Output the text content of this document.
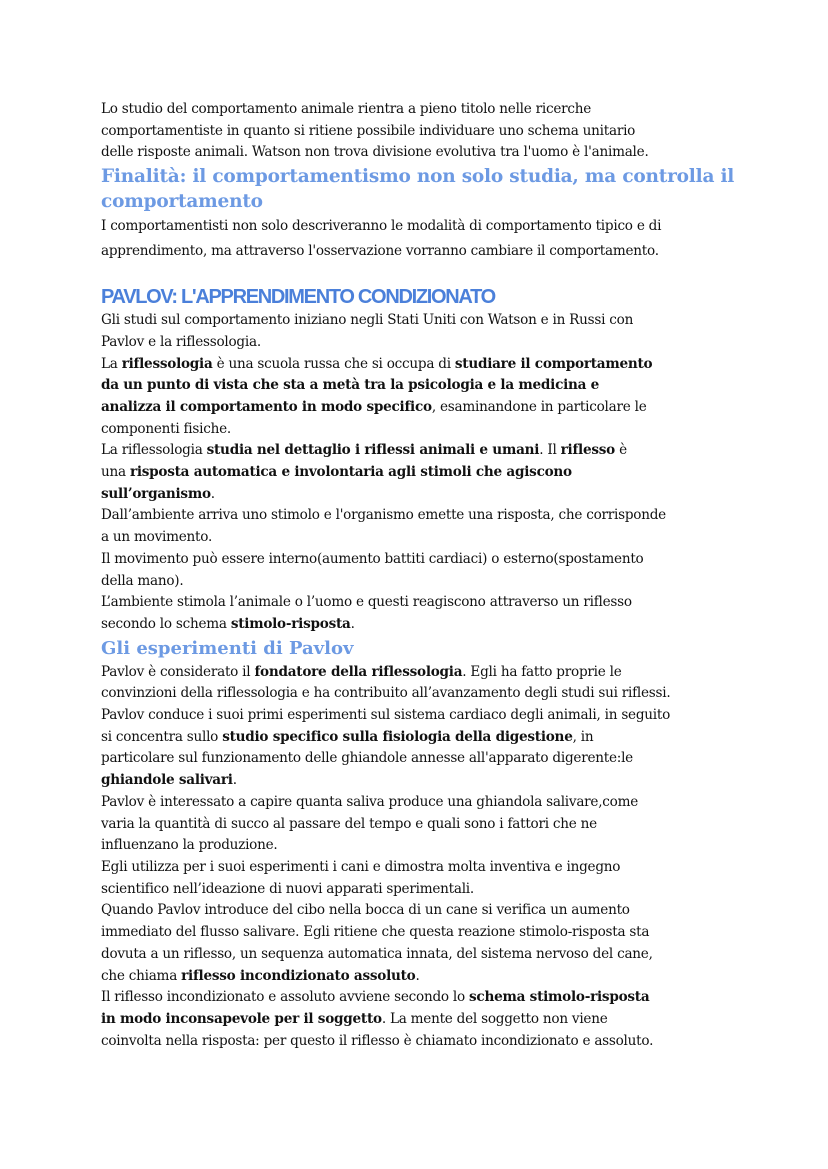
Lo studio del comportamento animale rientra a pieno titolo nelle ricerche
comportamentiste in quanto si ritiene possibile individuare uno schema unitario
delle risposte animali. Watson non trova divisione evolutiva tra l'uomo è l'animale.
Finalità: il comportamentismo non solo studia, ma controlla il
comportamento
I comportamentisti non solo descriveranno le modalità di comportamento tipico e di
apprendimento, ma attraverso l'osservazione vorranno cambiare il comportamento.
PAVLOV: L'APPRENDIMENTO CONDIZIONATO
Gli studi sul comportamento iniziano negli Stati Uniti con Watson e in Russi con
Pavlov e la riflessologia.
La riflessologia è una scuola russa che si occupa di studiare il comportamento
da un punto di vista che sta a metà tra la psicologia e la medicina e
analizza il comportamento in modo specifico, esaminandone in particolare le
componenti fisiche.
La riflessologia studia nel dettaglio i riflessi animali e umani. Il riflesso è
una risposta automatica e involontaria agli stimoli che agiscono
sull’organismo.
Dall’ambiente arriva uno stimolo e l'organismo emette una risposta, che corrisponde
a un movimento.
Il movimento può essere interno(aumento battiti cardiaci) o esterno(spostamento
della mano).
L’ambiente stimola l’animale o l’uomo e questi reagiscono attraverso un riflesso
secondo lo schema stimolo-risposta.
Gli esperimenti di Pavlov
Pavlov è considerato il fondatore della riflessologia. Egli ha fatto proprie le
convinzioni della riflessologia e ha contribuito all’avanzamento degli studi sui riflessi.
Pavlov conduce i suoi primi esperimenti sul sistema cardiaco degli animali, in seguito
si concentra sullo studio specifico sulla fisiologia della digestione, in
particolare sul funzionamento delle ghiandole annesse all'apparato digerente:le
ghiandole salivari.
Pavlov è interessato a capire quanta saliva produce una ghiandola salivare,come
varia la quantità di succo al passare del tempo e quali sono i fattori che ne
influenzano la produzione.
Egli utilizza per i suoi esperimenti i cani e dimostra molta inventiva e ingegno
scientifico nell’ideazione di nuovi apparati sperimentali.
Quando Pavlov introduce del cibo nella bocca di un cane si verifica un aumento
immediato del flusso salivare. Egli ritiene che questa reazione stimolo-risposta sta
dovuta a un riflesso, un sequenza automatica innata, del sistema nervoso del cane,
che chiama riflesso incondizionato assoluto.
Il riflesso incondizionato e assoluto avviene secondo lo schema stimolo-risposta
in modo inconsapevole per il soggetto. La mente del soggetto non viene
coinvolta nella risposta: per questo il riflesso è chiamato incondizionato e assoluto.
